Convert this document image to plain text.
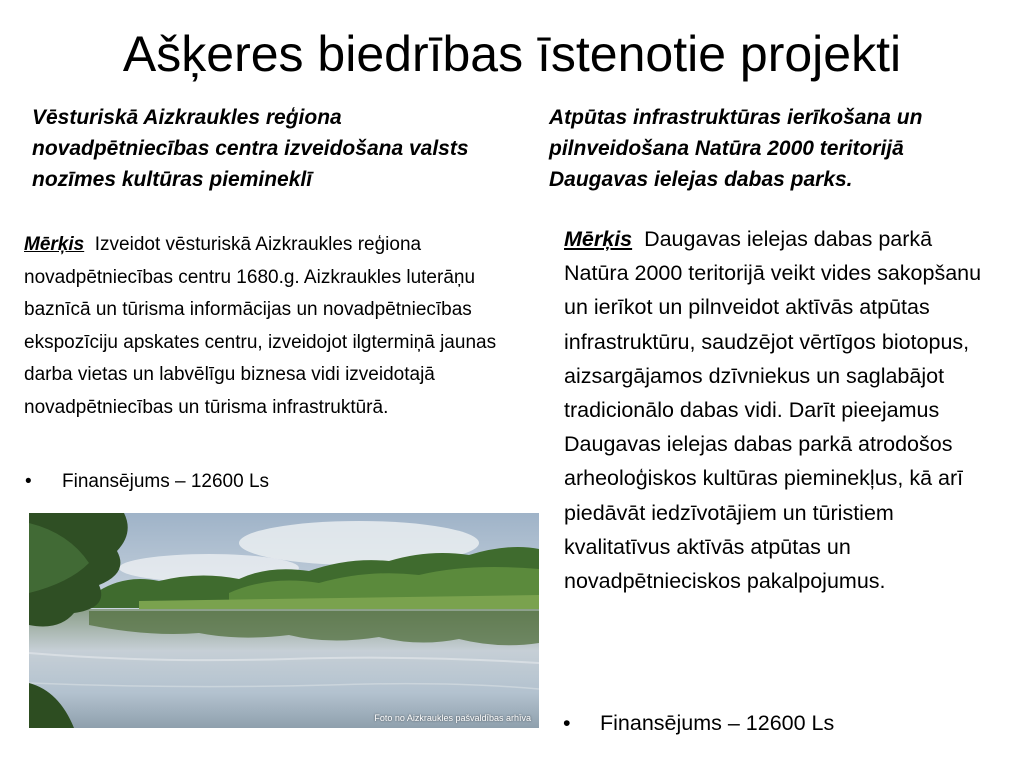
Ašķeres biedrības īstenotie projekti

Vēsturiskā Aizkraukles reģiona novadpētniecības centra izveidošana valsts nozīmes kultūras piemineklī

Atpūtas infrastruktūras ierīkošana un pilnveidošana Natūra 2000 teritorijā Daugavas ielejas dabas parks.

Mērķis Izveidot vēsturiskā Aizkraukles reģiona novadpētniecības centru 1680.g. Aizkraukles luterāņu baznīcā un tūrisma informācijas un novadpētniecības ekspozīciju apskates centru, izveidojot ilgtermiņā jaunas darba vietas un labvēlīgu biznesa vidi izveidotajā novadpētniecības un tūrisma infrastruktūrā.

•	Finansējums – 12600 Ls

Foto no Aizkraukles pašvaldības arhīva

Mērķis Daugavas ielejas dabas parkā Natūra 2000 teritorijā veikt vides sakopšanu un ierīkot un pilnveidot aktīvās atpūtas infrastruktūru, saudzējot vērtīgos biotopus, aizsargājamos dzīvniekus un saglabājot tradicionālo dabas vidi. Darīt pieejamus Daugavas ielejas dabas parkā atrodošos arheoloģiskos kultūras pieminekļus, kā arī piedāvāt iedzīvotājiem un tūristiem kvalitatīvus aktīvās atpūtas un novadpētnieciskos pakalpojumus.

•	Finansējums – 12600 Ls
